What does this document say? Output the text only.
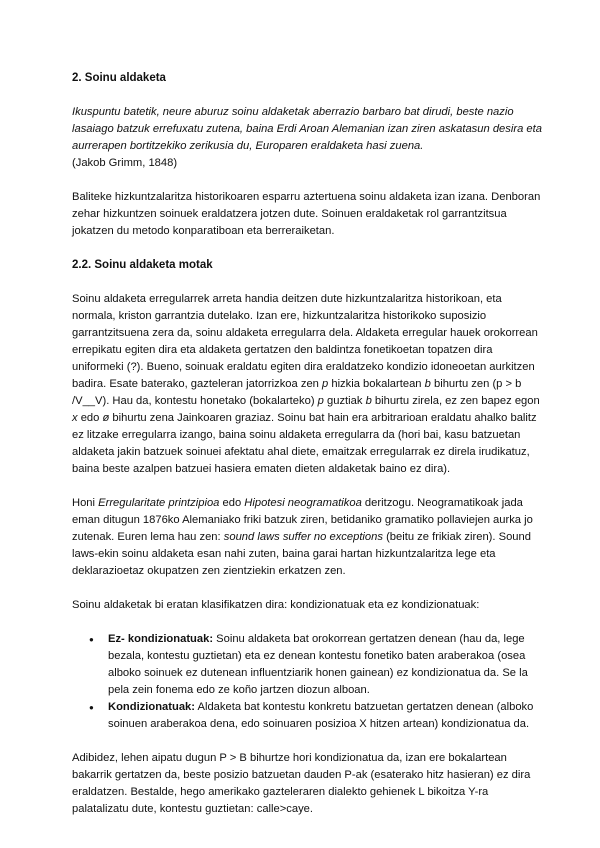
2. Soinu aldaketa

Ikuspuntu batetik, neure aburuz soinu aldaketak aberrazio barbaro bat dirudi, beste nazio lasaiago batzuk errefuxatu zutena, baina Erdi Aroan Alemanian izan ziren askatasun desira eta aurrerapen bortitzekiko zerikusia du, Europaren eraldaketa hasi zuena.

(Jakob Grimm, 1848)

Baliteke hizkuntzalaritza historikoaren esparru aztertuena soinu aldaketa izan izana. Denboran zehar hizkuntzen soinuek eraldatzera jotzen dute. Soinuen eraldaketak rol garrantzitsua jokatzen du metodo konparatiboan eta berreraiketan.

2.2. Soinu aldaketa motak

Soinu aldaketa erregularrek arreta handia deitzen dute hizkuntzalaritza historikoan, eta normala, kriston garrantzia dutelako. Izan ere, hizkuntzalaritza historikoko suposizio garrantzitsuena zera da, soinu aldaketa erregularra dela. Aldaketa erregular hauek orokorrean errepikatu egiten dira eta aldaketa gertatzen den baldintza fonetikoetan topatzen dira uniformeki (?). Bueno, soinuak eraldatu egiten dira eraldatzeko kondizio idoneoetan aurkitzen badira. Esate baterako, gazteleran jatorrizkoa zen p hizkia bokalartean b bihurtu zen (p > b /V__V). Hau da, kontestu honetako (bokalarteko) p guztiak b bihurtu zirela, ez zen bapez egon x edo ø bihurtu zena Jainkoaren graziaz. Soinu bat hain era arbitrarioan eraldatu ahalko balitz ez litzake erregularra izango, baina soinu aldaketa erregularra da (hori bai, kasu batzuetan aldaketa jakin batzuek soinuei afektatu ahal diete, emaitzak erregularrak ez direla irudikatuz, baina beste azalpen batzuei hasiera ematen dieten aldaketak baino ez dira).

Honi Erregularitate printzipioa edo Hipotesi neogramatikoa deritzogu. Neogramatikoak jada eman ditugun 1876ko Alemaniako friki batzuk ziren, betidaniko gramatiko pollaviejen aurka jo zutenak. Euren lema hau zen: sound laws suffer no exceptions (beitu ze frikiak ziren). Sound laws-ekin soinu aldaketa esan nahi zuten, baina garai hartan hizkuntzalaritza lege eta deklarazioetaz okupatzen zen zientziekin erkatzen zen.

Soinu aldaketak bi eratan klasifikatzen dira: kondizionatuak eta ez kondizionatuak:

● Ez- kondizionatuak: Soinu aldaketa bat orokorrean gertatzen denean (hau da, lege bezala, kontestu guztietan) eta ez denean kontestu fonetiko baten araberakoa (osea alboko soinuek ez dutenean influentziarik honen gainean) ez kondizionatua da. Se la pela zein fonema edo ze koño jartzen diozun alboan.
● Kondizionatuak: Aldaketa bat kontestu konkretu batzuetan gertatzen denean (alboko soinuen araberakoa dena, edo soinuaren posizioa X hitzen artean) kondizionatua da.

Adibidez, lehen aipatu dugun P > B bihurtze hori kondizionatua da, izan ere bokalartean bakarrik gertatzen da, beste posizio batzuetan dauden P-ak (esaterako hitz hasieran) ez dira eraldatzen. Bestalde, hego amerikako gazteleraren dialekto gehienek L bikoitza Y-ra palatalizatu dute, kontestu guztietan: calle>caye.
